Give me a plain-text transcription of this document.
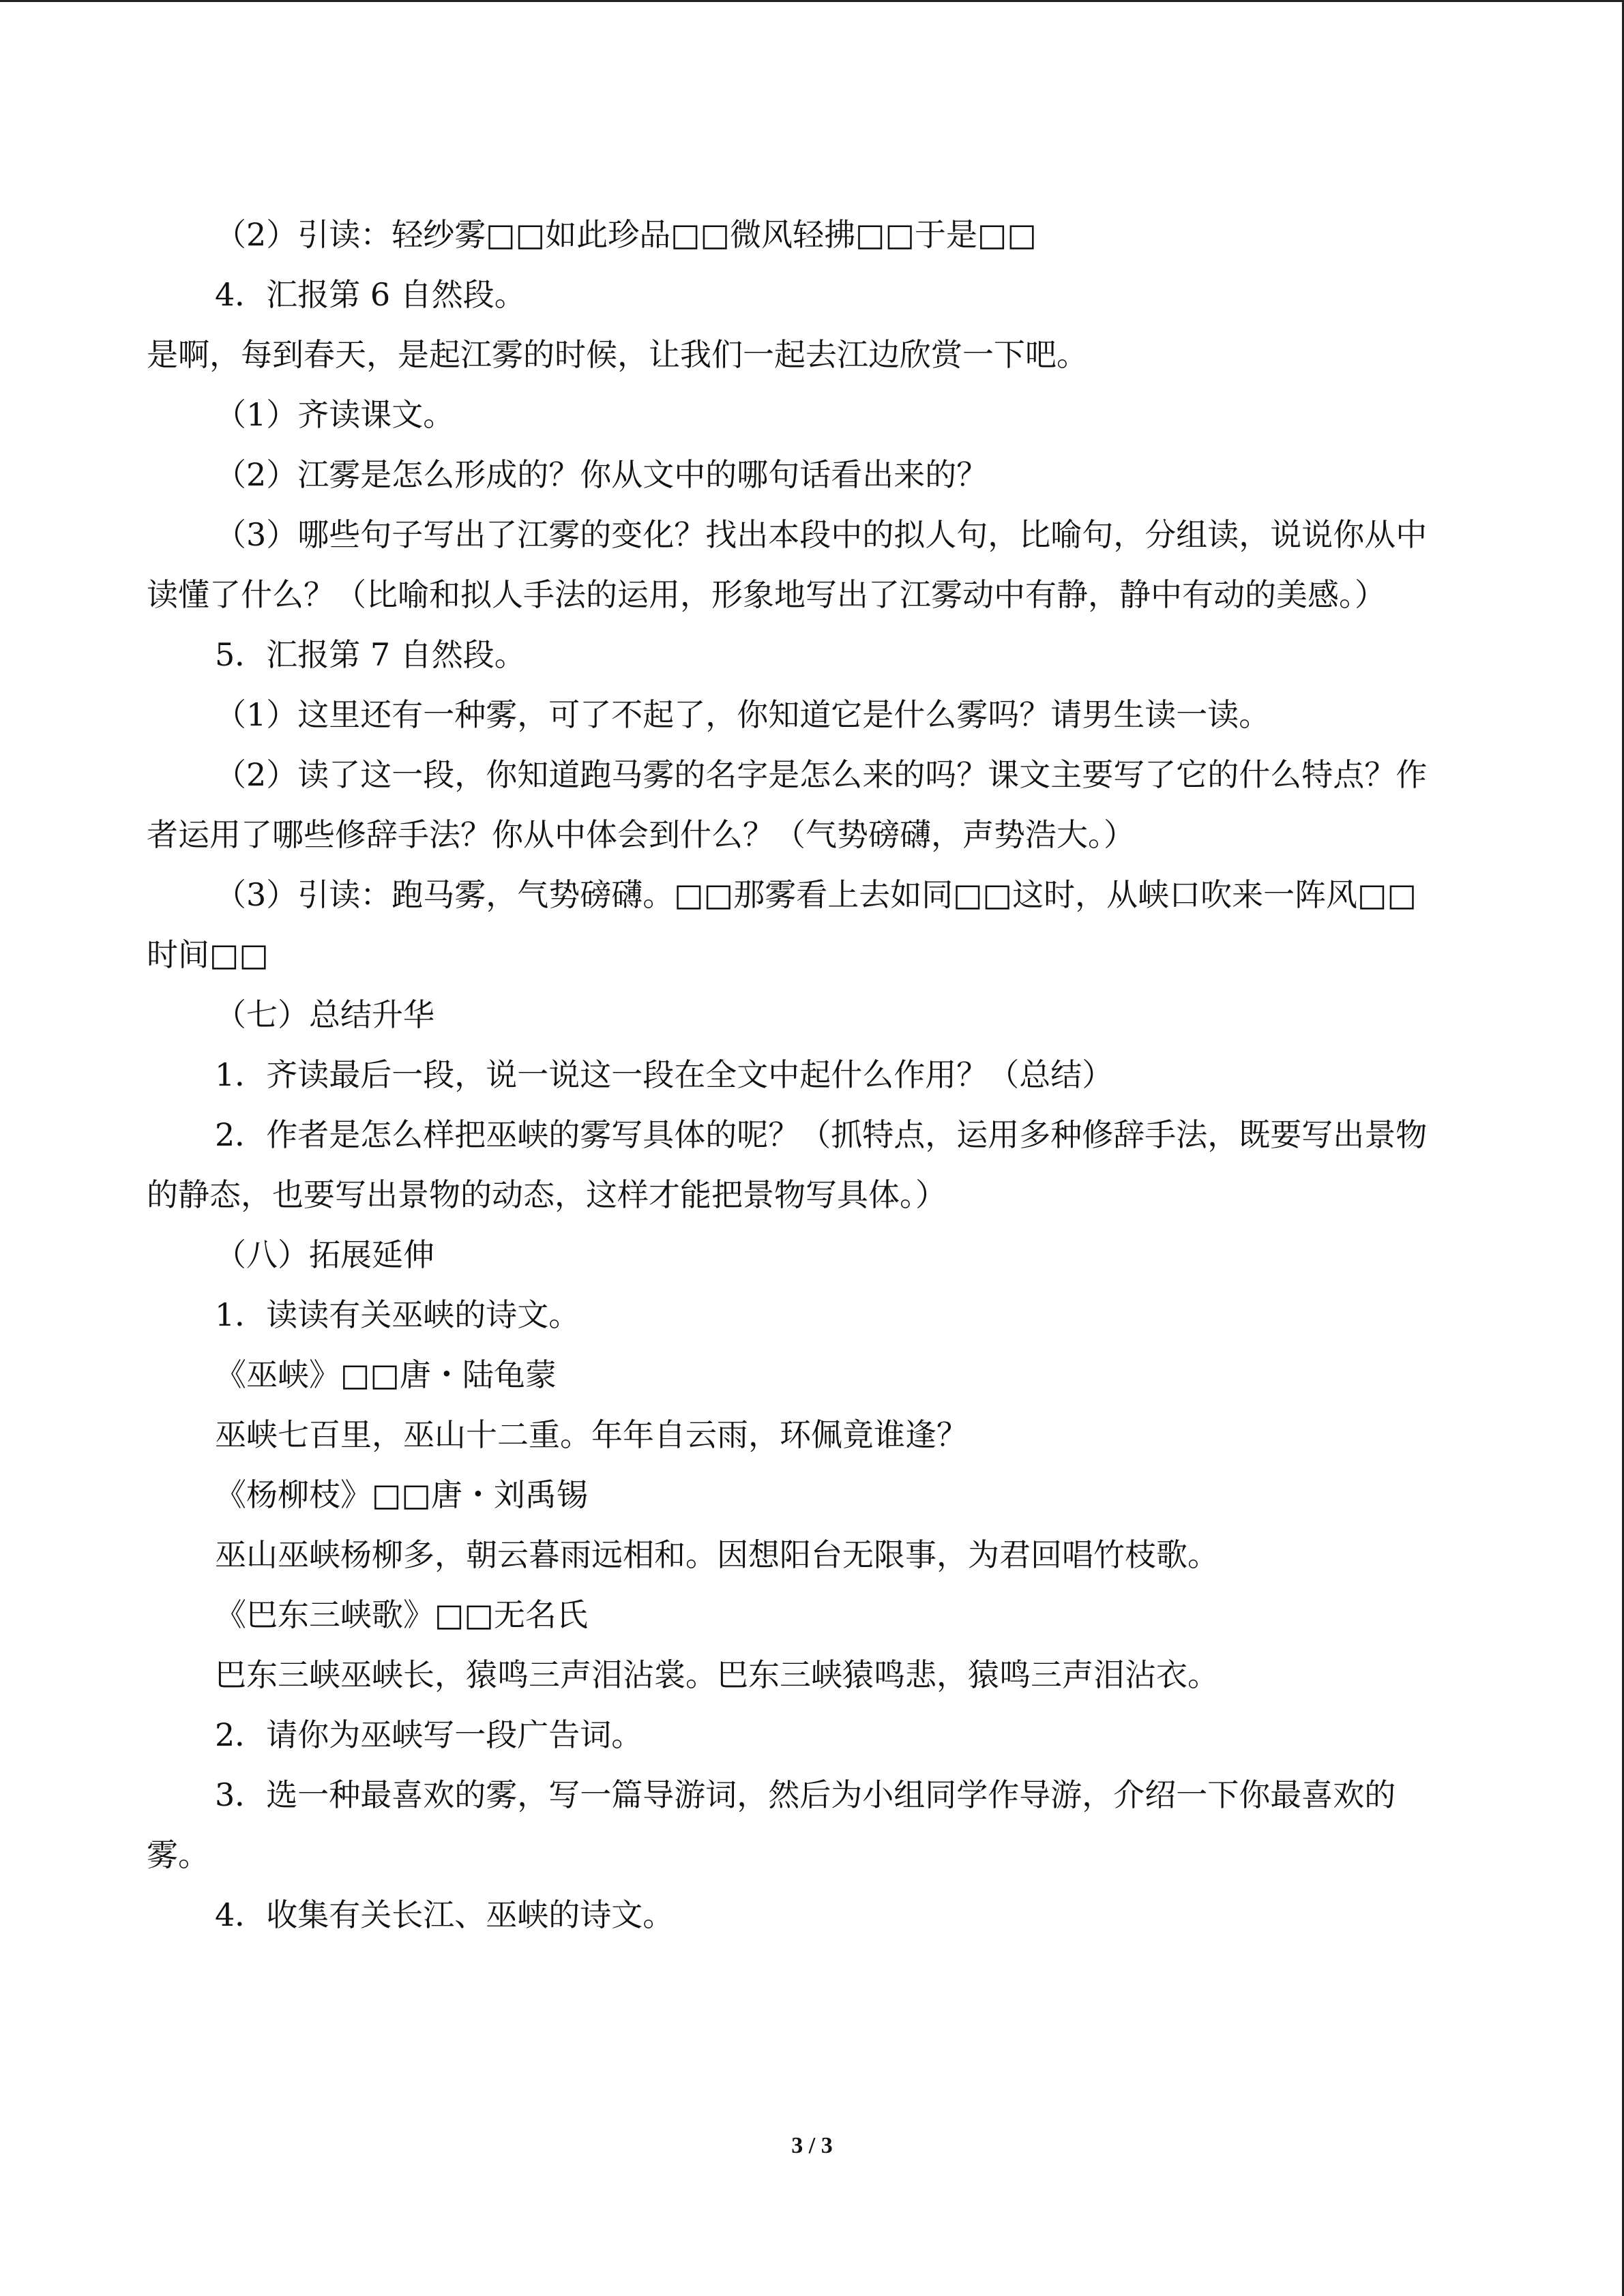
（2）引读：轻纱雾□□如此珍品□□微风轻拂□□于是□□
4．汇报第 6 自然段。
是啊，每到春天，是起江雾的时候，让我们一起去江边欣赏一下吧。
（1）齐读课文。
（2）江雾是怎么形成的？你从文中的哪句话看出来的？
（3）哪些句子写出了江雾的变化？找出本段中的拟人句，比喻句，分组读，说说你从中
读懂了什么？（比喻和拟人手法的运用，形象地写出了江雾动中有静，静中有动的美感。）
5．汇报第 7 自然段。
（1）这里还有一种雾，可了不起了，你知道它是什么雾吗？请男生读一读。
（2）读了这一段，你知道跑马雾的名字是怎么来的吗？课文主要写了它的什么特点？作
者运用了哪些修辞手法？你从中体会到什么？（气势磅礴，声势浩大。）
（3）引读：跑马雾，气势磅礴。□□那雾看上去如同□□这时，从峡口吹来一阵风□□
时间□□
（七）总结升华
1．齐读最后一段，说一说这一段在全文中起什么作用？（总结）
2．作者是怎么样把巫峡的雾写具体的呢？（抓特点，运用多种修辞手法，既要写出景物
的静态，也要写出景物的动态，这样才能把景物写具体。）
（八）拓展延伸
1．读读有关巫峡的诗文。
《巫峡》□□唐・陆龟蒙
巫峡七百里，巫山十二重。年年自云雨，环佩竟谁逢？
《杨柳枝》□□唐・刘禹锡
巫山巫峡杨柳多，朝云暮雨远相和。因想阳台无限事，为君回唱竹枝歌。
《巴东三峡歌》□□无名氏
巴东三峡巫峡长，猿鸣三声泪沾裳。巴东三峡猿鸣悲，猿鸣三声泪沾衣。
2．请你为巫峡写一段广告词。
3．选一种最喜欢的雾，写一篇导游词，然后为小组同学作导游，介绍一下你最喜欢的
雾。
4．收集有关长江、巫峡的诗文。
3 / 3
